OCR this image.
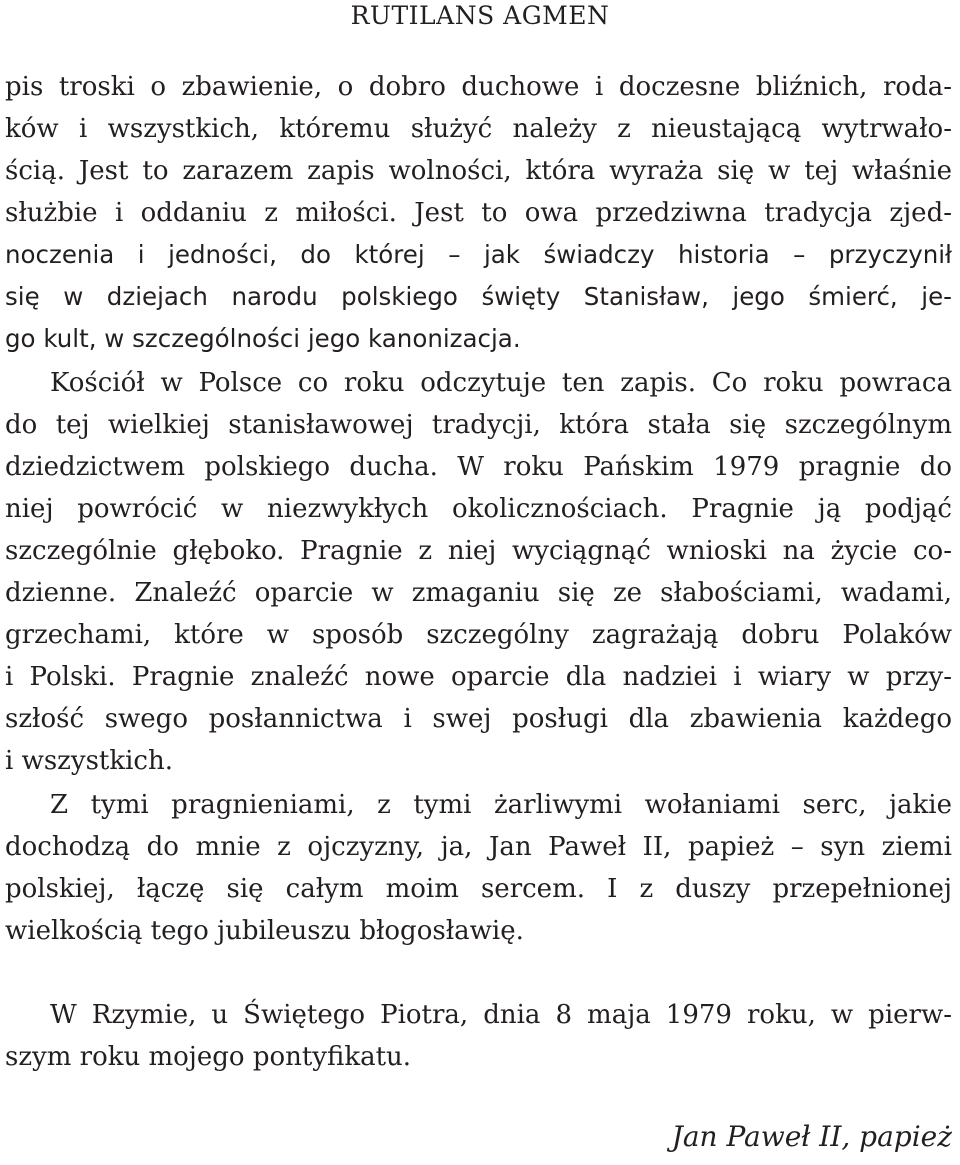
RUTILANS AGMEN
pis troski o zbawienie, o dobro duchowe i doczesne bliźnich, roda-
ków i wszystkich, któremu służyć należy z nieustającą wytrwało-
ścią. Jest to zarazem zapis wolności, która wyraża się w tej właśnie
służbie i oddaniu z miłości. Jest to owa przedziwna tradycja zjed-
noczenia i jedności, do której – jak świadczy historia – przyczynił
się w dziejach narodu polskiego święty Stanisław, jego śmierć, je-
go kult, w szczególności jego kanonizacja.
Kościół w Polsce co roku odczytuje ten zapis. Co roku powraca
do tej wielkiej stanisławowej tradycji, która stała się szczególnym
dziedzictwem polskiego ducha. W roku Pańskim 1979 pragnie do
niej powrócić w niezwykłych okolicznościach. Pragnie ją podjąć
szczególnie głęboko. Pragnie z niej wyciągnąć wnioski na życie co-
dzienne. Znaleźć oparcie w zmaganiu się ze słabościami, wadami,
grzechami, które w sposób szczególny zagrażają dobru Polaków
i Polski. Pragnie znaleźć nowe oparcie dla nadziei i wiary w przy-
szłość swego posłannictwa i swej posługi dla zbawienia każdego
i wszystkich.
Z tymi pragnieniami, z tymi żarliwymi wołaniami serc, jakie
dochodzą do mnie z ojczyzny, ja, Jan Paweł II, papież – syn ziemi
polskiej, łączę się całym moim sercem. I z duszy przepełnionej
wielkością tego jubileuszu błogosławię.
W Rzymie, u Świętego Piotra, dnia 8 maja 1979 roku, w pierw-
szym roku mojego pontyfikatu.
Jan Paweł II, papież
